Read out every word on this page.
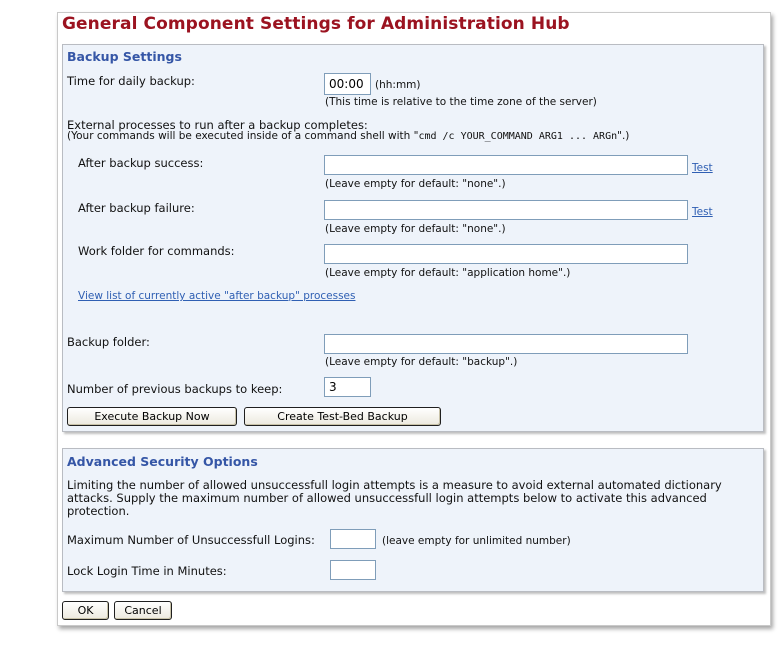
General Component Settings for Administration Hub
Backup Settings
Time for daily backup:
00:00	(hh:mm)
(This time is relative to the time zone of the server)
External processes to run after a backup completes:
(Your commands will be executed inside of a command shell with "cmd /c YOUR_COMMAND ARG1 ... ARGn".)
After backup success:	Test
(Leave empty for default: "none".)
After backup failure:	Test
(Leave empty for default: "none".)
Work folder for commands:
(Leave empty for default: "application home".)
View list of currently active "after backup" processes
Backup folder:
(Leave empty for default: "backup".)
Number of previous backups to keep:
3
Execute Backup Now	Create Test-Bed Backup
Advanced Security Options
Limiting the number of allowed unsuccessfull login attempts is a measure to avoid external automated dictionary attacks. Supply the maximum number of allowed unsuccessfull login attempts below to activate this advanced protection.
Maximum Number of Unsuccessfull Logins:	(leave empty for unlimited number)
Lock Login Time in Minutes:
OK	Cancel
